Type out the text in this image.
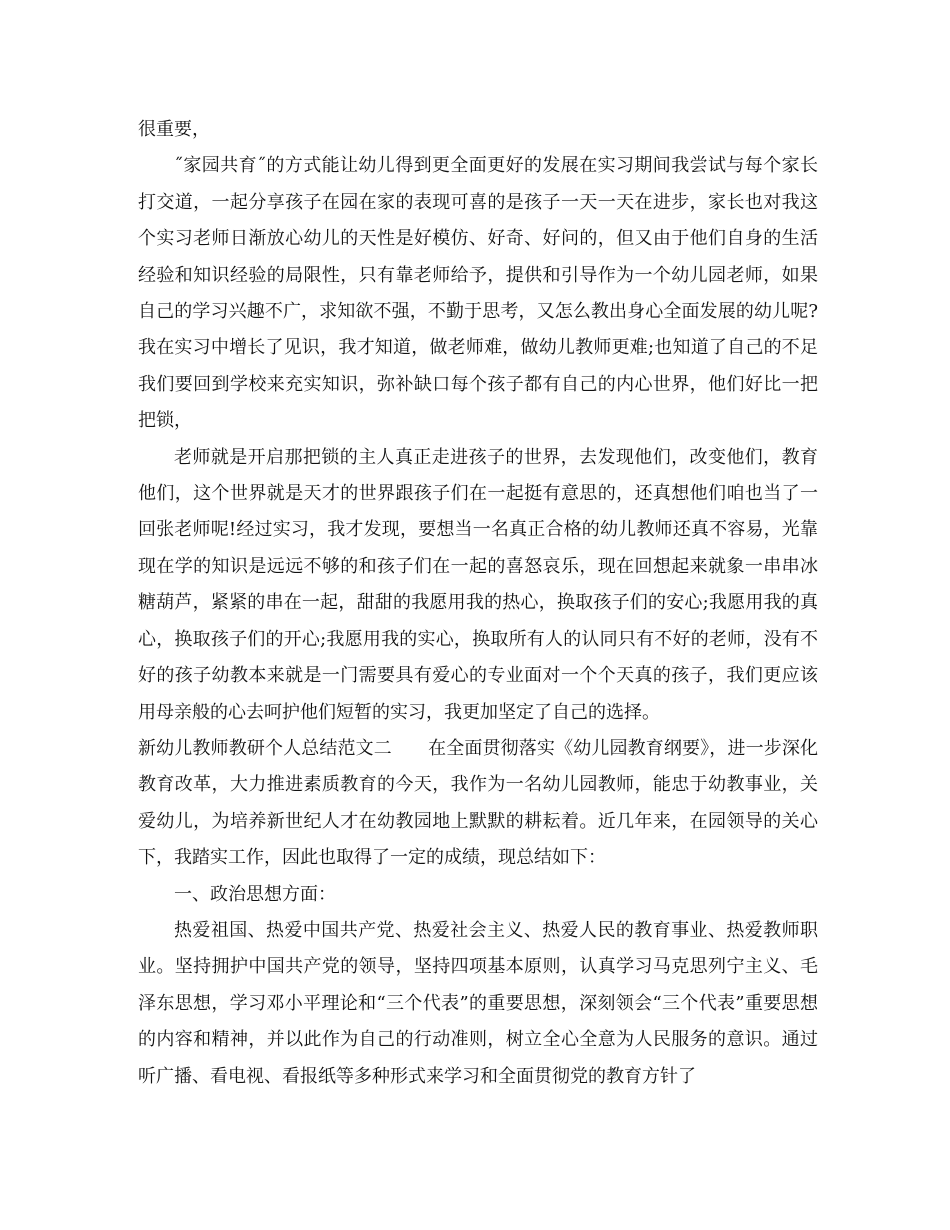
很重要，

˝家园共育˝的方式能让幼儿得到更全面更好的发展在实习期间我尝试与每个家长打交道，一起分享孩子在园在家的表现可喜的是孩子一天一天在进步，家长也对我这个实习老师日渐放心幼儿的天性是好模仿、好奇、好问的，但又由于他们自身的生活经验和知识经验的局限性，只有靠老师给予，提供和引导作为一个幼儿园老师，如果自己的学习兴趣不广，求知欲不强，不勤于思考，又怎么教出身心全面发展的幼儿呢?我在实习中增长了见识，我才知道，做老师难，做幼儿教师更难;也知道了自己的不足我们要回到学校来充实知识，弥补缺口每个孩子都有自己的内心世界，他们好比一把把锁，

老师就是开启那把锁的主人真正走进孩子的世界，去发现他们，改变他们，教育他们，这个世界就是天才的世界跟孩子们在一起挺有意思的，还真想他们咱也当了一回张老师呢!经过实习，我才发现，要想当一名真正合格的幼儿教师还真不容易，光靠现在学的知识是远远不够的和孩子们在一起的喜怒哀乐，现在回想起来就象一串串冰糖葫芦，紧紧的串在一起，甜甜的我愿用我的热心，换取孩子们的安心;我愿用我的真心，换取孩子们的开心;我愿用我的实心，换取所有人的认同只有不好的老师，没有不好的孩子幼教本来就是一门需要具有爱心的专业面对一个个天真的孩子，我们更应该用母亲般的心去呵护他们短暂的实习，我更加坚定了自己的选择。

新幼儿教师教研个人总结范文二 在全面贯彻落实《幼儿园教育纲要》，进一步深化教育改革，大力推进素质教育的今天，我作为一名幼儿园教师，能忠于幼教事业，关爱幼儿，为培养新世纪人才在幼教园地上默默的耕耘着。近几年来，在园领导的关心下，我踏实工作，因此也取得了一定的成绩，现总结如下：

一、政治思想方面：

热爱祖国、热爱中国共产党、热爱社会主义、热爱人民的教育事业、热爱教师职业。坚持拥护中国共产党的领导，坚持四项基本原则，认真学习马克思列宁主义、毛泽东思想，学习邓小平理论和“三个代表”的重要思想，深刻领会“三个代表”重要思想的内容和精神，并以此作为自己的行动准则，树立全心全意为人民服务的意识。通过听广播、看电视、看报纸等多种形式来学习和全面贯彻党的教育方针了
